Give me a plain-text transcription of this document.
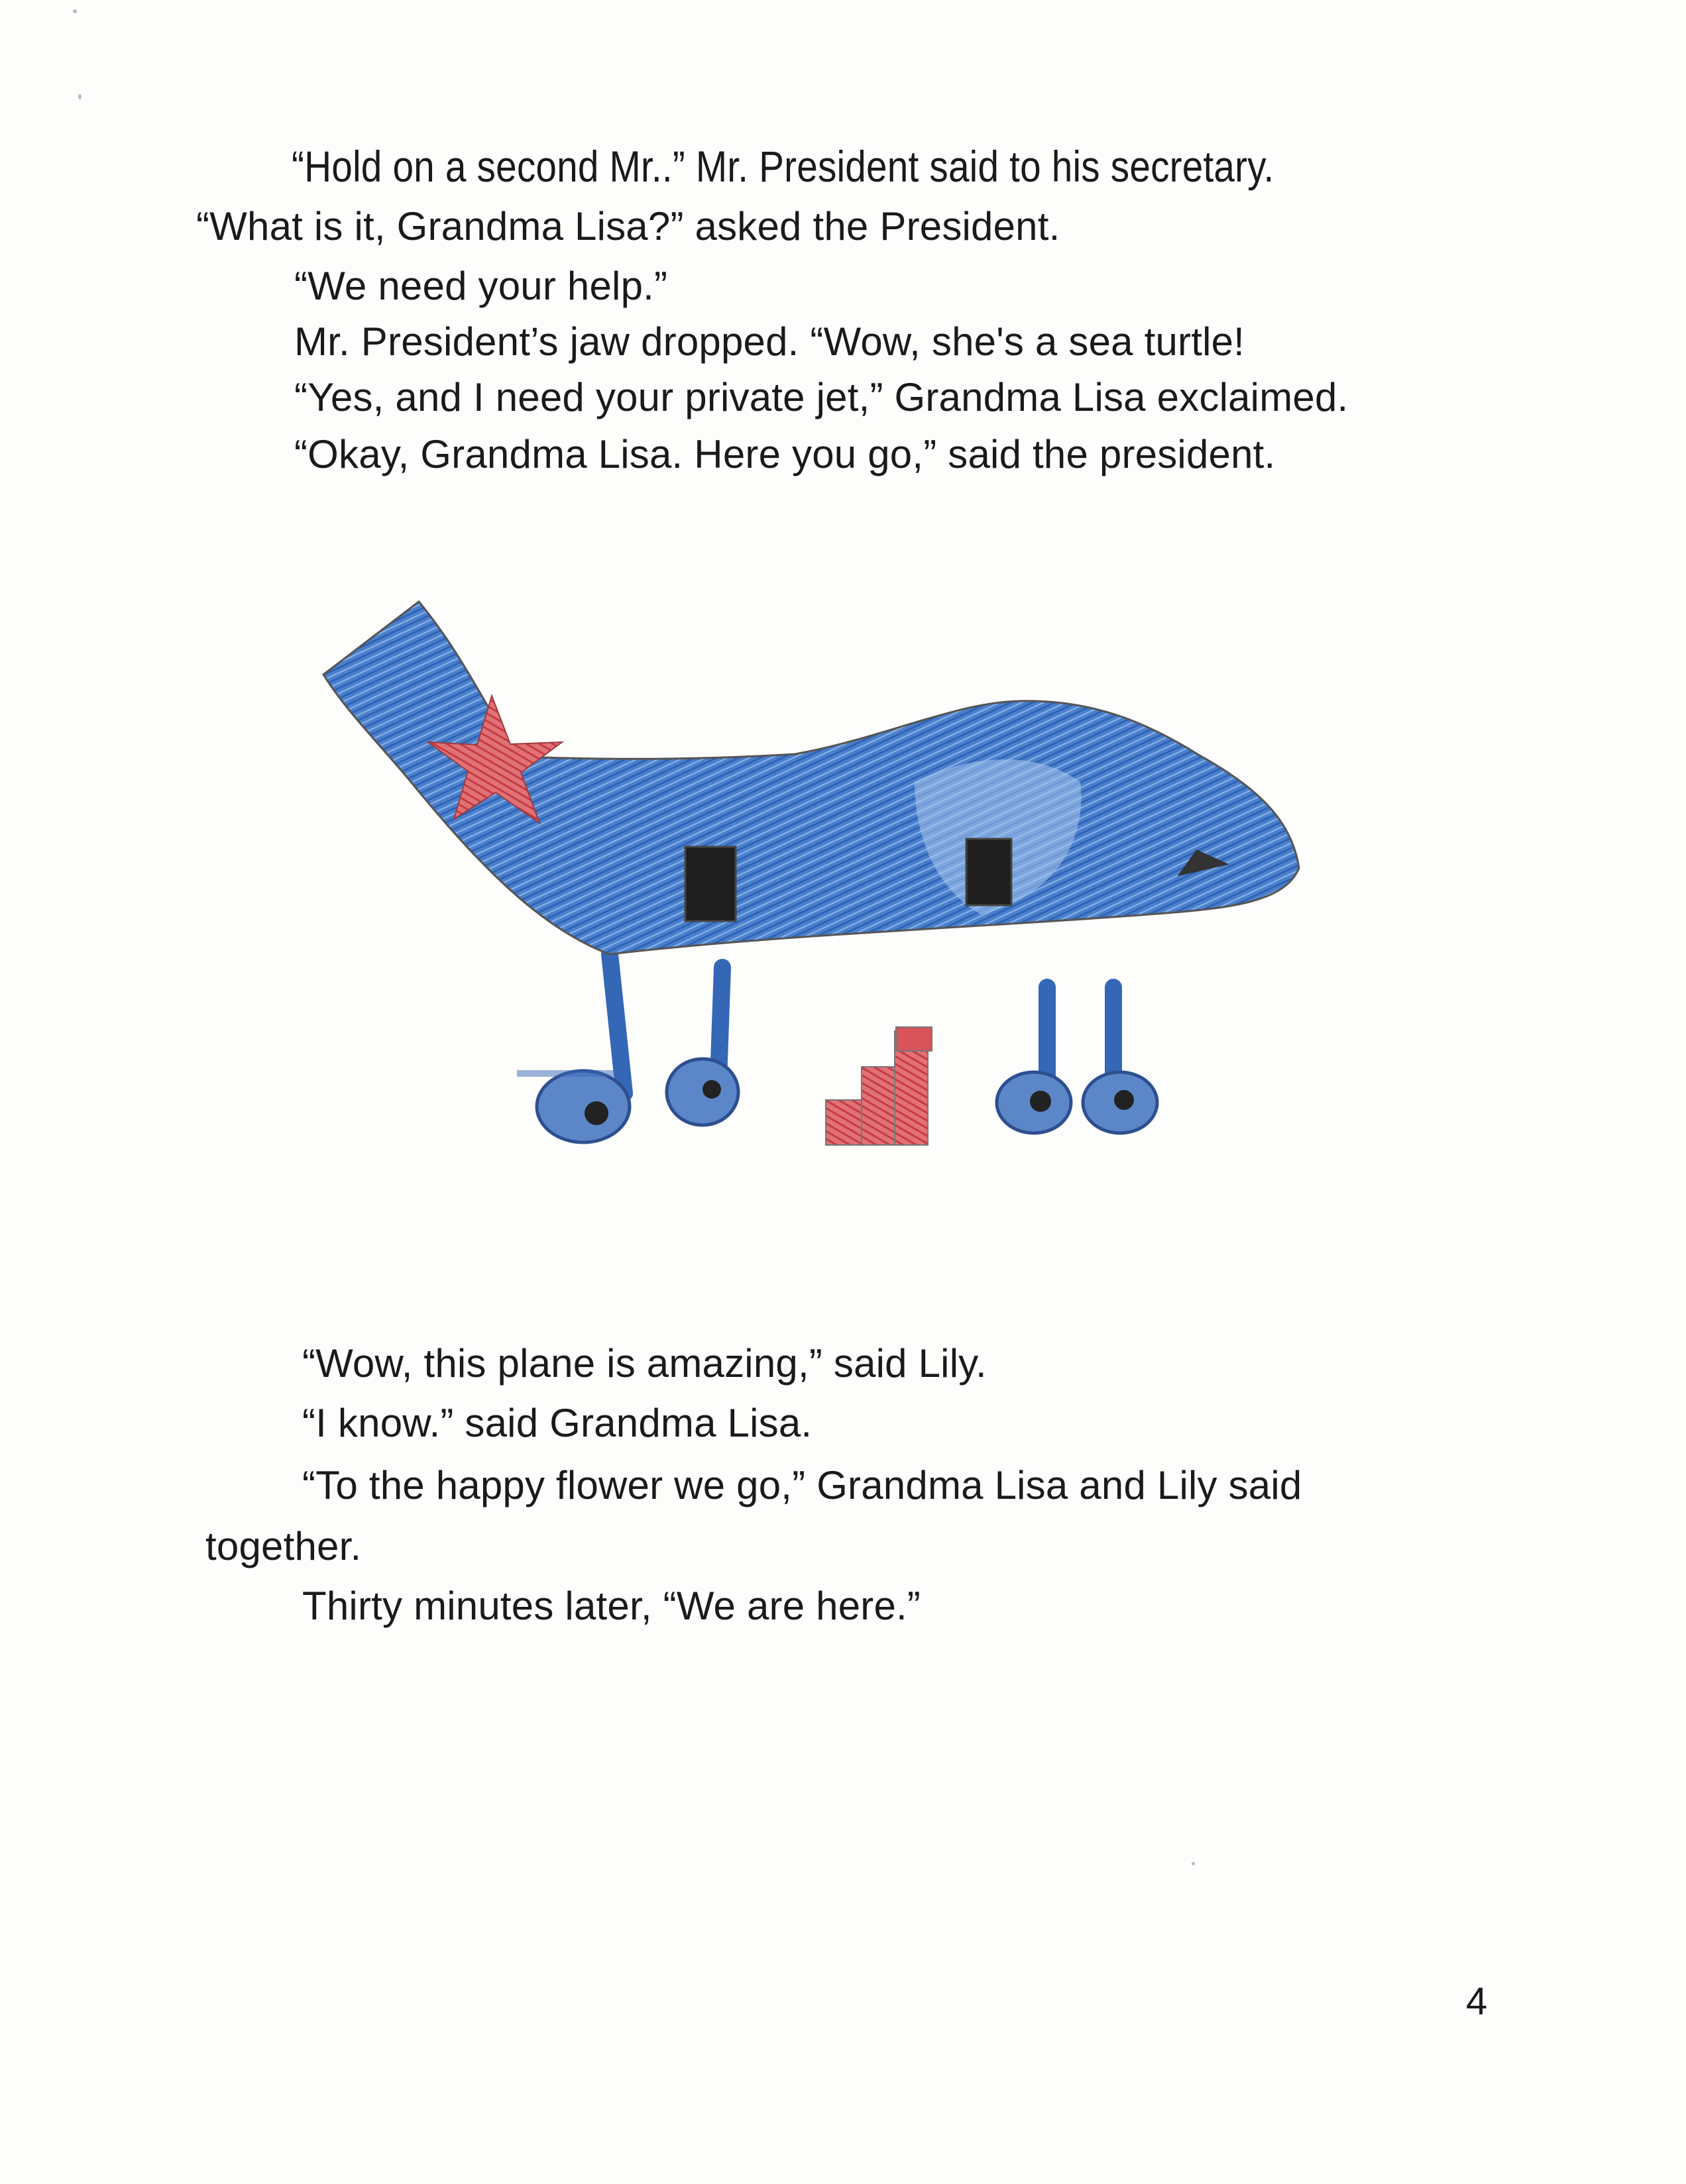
“Hold on a second Mr..” Mr. President said to his secretary.
“What is it, Grandma Lisa?” asked the President.
“We need your help.”
Mr. President’s jaw dropped. “Wow, she's a sea turtle!
“Yes, and I need your private jet,” Grandma Lisa exclaimed.
“Okay, Grandma Lisa. Here you go,” said the president.
“Wow, this plane is amazing,” said Lily.
“I know.” said Grandma Lisa.
“To the happy flower we go,” Grandma Lisa and Lily said
together.
Thirty minutes later, “We are here.”
4
